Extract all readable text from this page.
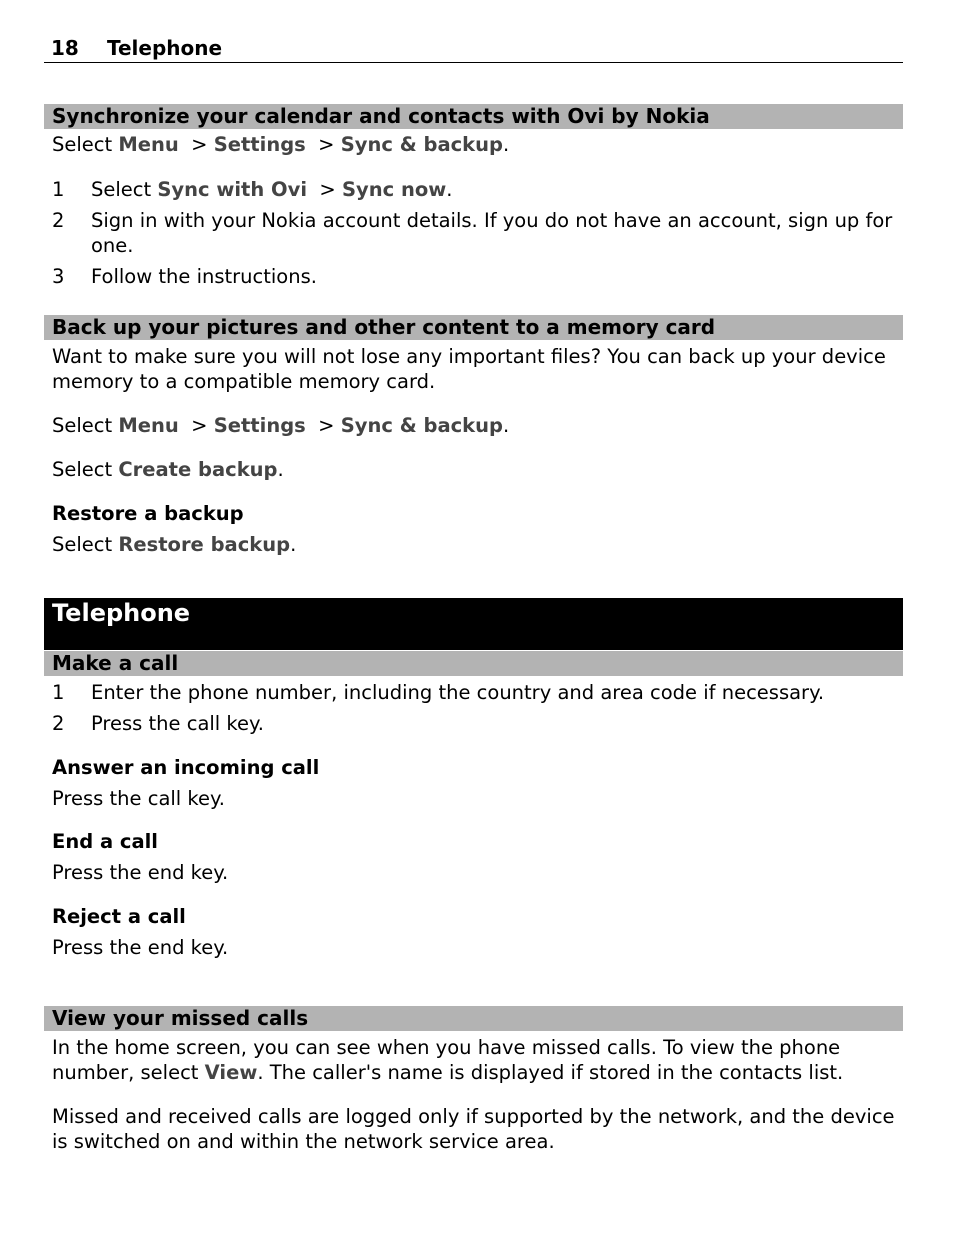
18 Telephone
Synchronize your calendar and contacts with Ovi by Nokia
Select Menu  > Settings  > Sync & backup.
1 Select Sync with Ovi  > Sync now.
2 Sign in with your Nokia account details. If you do not have an account, sign up for one.
3 Follow the instructions.
Back up your pictures and other content to a memory card
Want to make sure you will not lose any important files? You can back up your device memory to a compatible memory card.
Select Menu  > Settings  > Sync & backup.
Select Create backup.
Restore a backup
Select Restore backup.
Telephone
Make a call
1 Enter the phone number, including the country and area code if necessary.
2 Press the call key.
Answer an incoming call
Press the call key.
End a call
Press the end key.
Reject a call
Press the end key.
View your missed calls
In the home screen, you can see when you have missed calls. To view the phone number, select View. The caller's name is displayed if stored in the contacts list.
Missed and received calls are logged only if supported by the network, and the device is switched on and within the network service area.
